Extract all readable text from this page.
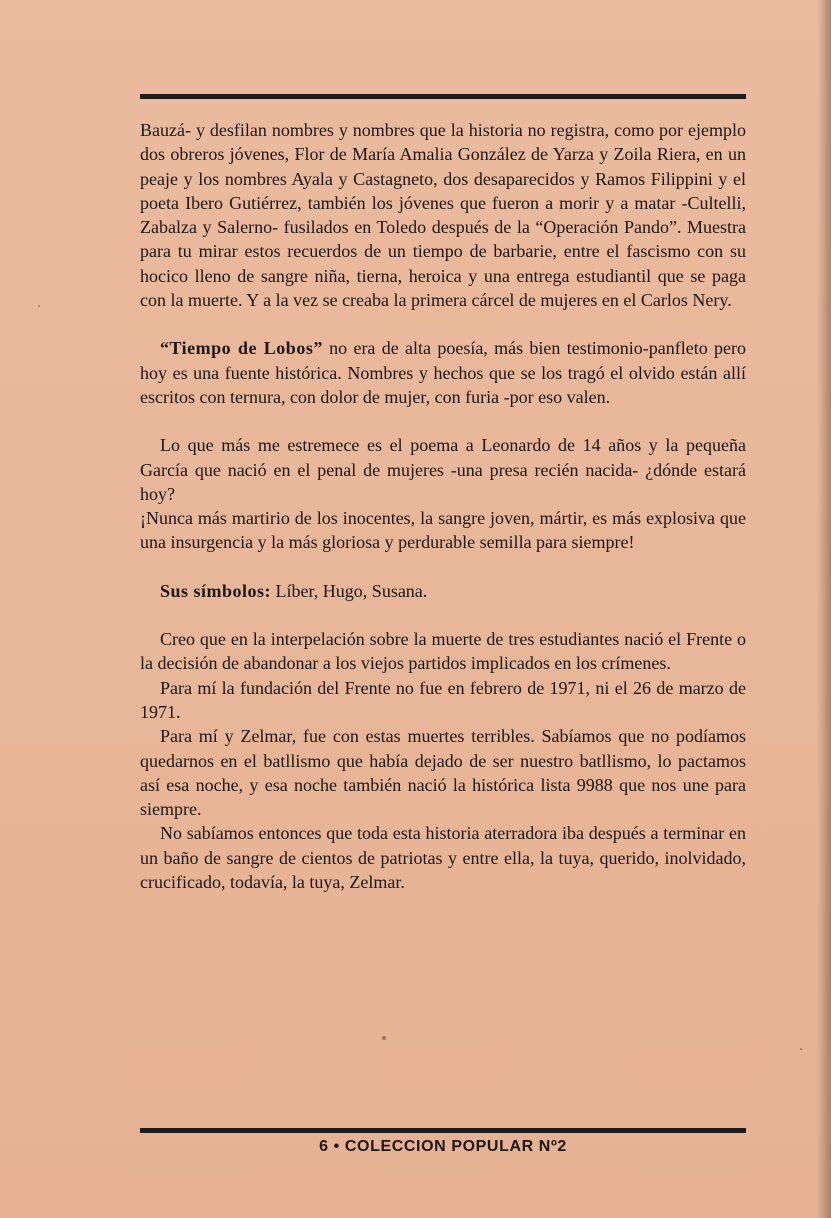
Bauzá- y desfilan nombres y nombres que la historia no registra, como por ejemplo dos obreros jóvenes, Flor de María Amalia González de Yarza y Zoila Riera, en un peaje y los nombres Ayala y Castagneto, dos desaparecidos y Ramos Filippini y el poeta Ibero Gutiérrez, también los jóvenes que fueron a morir y a matar -Cultelli, Zabalza y Salerno- fusilados en Toledo después de la “Operación Pando”. Muestra para tu mirar estos recuerdos de un tiempo de barbarie, entre el fascismo con su hocico lleno de sangre niña, tierna, heroica y una entrega estudiantil que se paga con la muerte. Y a la vez se creaba la primera cárcel de mujeres en el Carlos Nery.

“Tiempo de Lobos” no era de alta poesía, más bien testimonio-panfleto pero hoy es una fuente histórica. Nombres y hechos que se los tragó el olvido están allí escritos con ternura, con dolor de mujer, con furia -por eso valen.

Lo que más me estremece es el poema a Leonardo de 14 años y la pequeña García que nació en el penal de mujeres -una presa recién nacida- ¿dónde estará hoy?

¡Nunca más martirio de los inocentes, la sangre joven, mártir, es más explosiva que una insurgencia y la más gloriosa y perdurable semilla para siempre!

Sus símbolos: Líber, Hugo, Susana.

Creo que en la interpelación sobre la muerte de tres estudiantes nació el Frente o la decisión de abandonar a los viejos partidos implicados en los crímenes.

Para mí la fundación del Frente no fue en febrero de 1971, ni el 26 de marzo de 1971.

Para mí y Zelmar, fue con estas muertes terribles. Sabíamos que no podíamos quedarnos en el batllismo que había dejado de ser nuestro batllismo, lo pactamos así esa noche, y esa noche también nació la histórica lista 9988 que nos une para siempre.

No sabíamos entonces que toda esta historia aterradora iba después a terminar en un baño de sangre de cientos de patriotas y entre ella, la tuya, querido, inolvidado, crucificado, todavía, la tuya, Zelmar.

6 • COLECCION POPULAR Nº2
